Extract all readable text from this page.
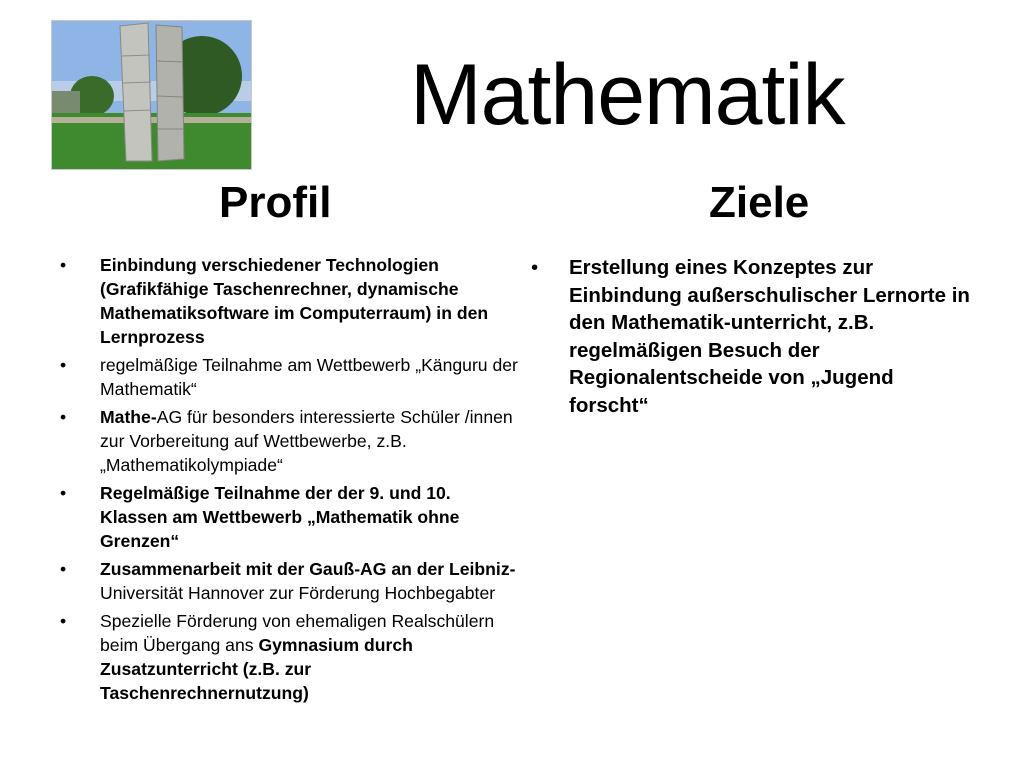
Mathematik
Profil	Ziele
• Einbindung verschiedener Technologien (Grafikfähige Taschenrechner, dynamische Mathematiksoftware im Computerraum) in den Lernprozess
• regelmäßige Teilnahme am Wettbewerb „Känguru der Mathematik“
• Mathe-AG für besonders interessierte Schüler /innen zur Vorbereitung auf Wettbewerbe, z.B. „Mathematikolympiade“
• Regelmäßige Teilnahme der der 9. und 10. Klassen am Wettbewerb „Mathematik ohne Grenzen“
• Zusammenarbeit mit der Gauß-AG an der Leibniz-Universität Hannover zur Förderung Hochbegabter
• Spezielle Förderung von ehemaligen Realschülern beim Übergang ans Gymnasium durch Zusatzunterricht (z.B. zur Taschenrechnernutzung)
• Erstellung eines Konzeptes zur Einbindung außerschulischer Lernorte in den Mathematik-unterricht, z.B. regelmäßigen Besuch der Regionalentscheide von „Jugend forscht“
